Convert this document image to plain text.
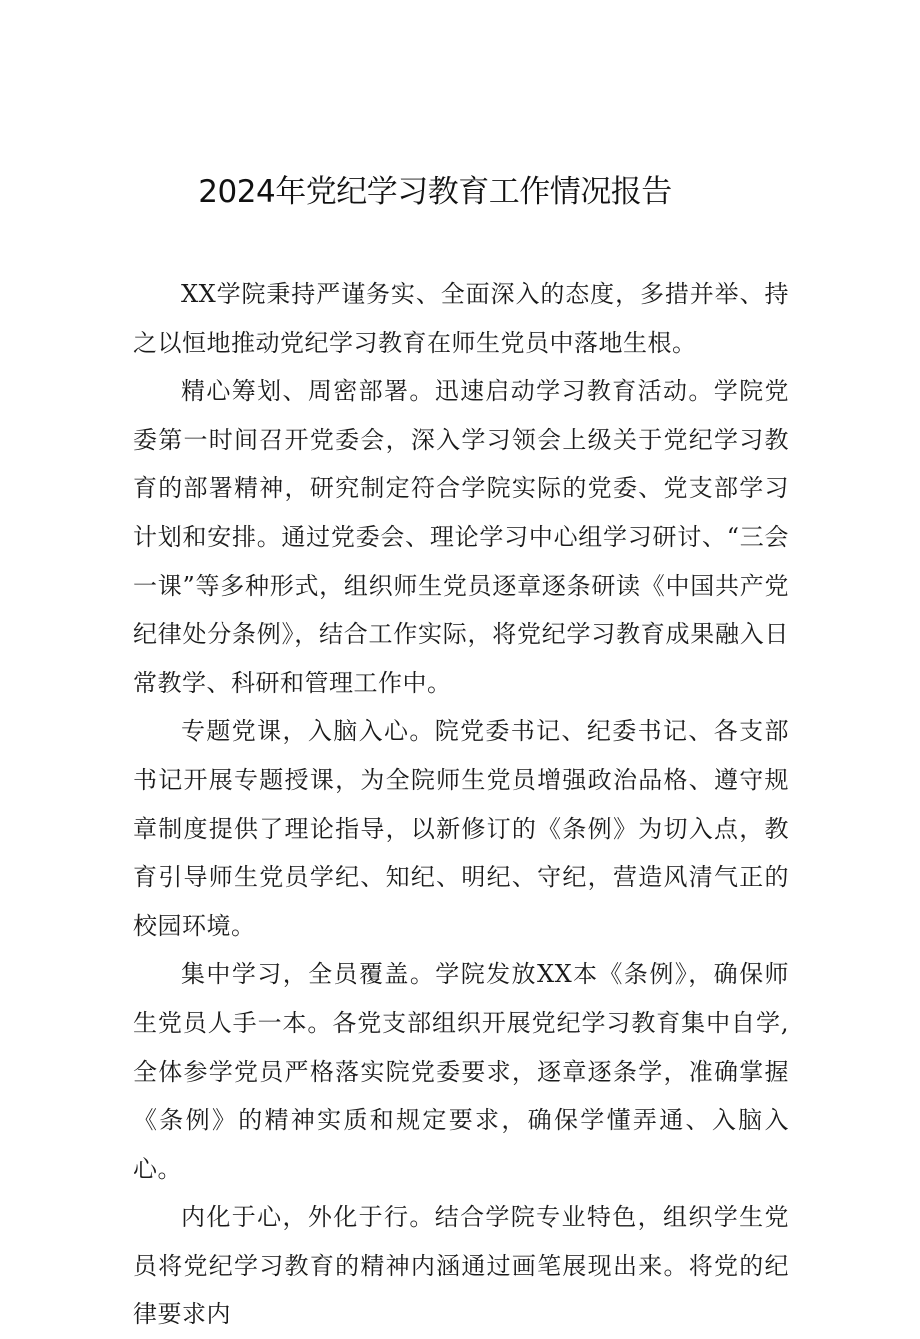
2024年党纪学习教育工作情况报告

XX学院秉持严谨务实、全面深入的态度，多措并举、持之以恒地推动党纪学习教育在师生党员中落地生根。

精心筹划、周密部署。迅速启动学习教育活动。学院党委第一时间召开党委会，深入学习领会上级关于党纪学习教育的部署精神，研究制定符合学院实际的党委、党支部学习计划和安排。通过党委会、理论学习中心组学习研讨、“三会一课”等多种形式，组织师生党员逐章逐条研读《中国共产党纪律处分条例》，结合工作实际，将党纪学习教育成果融入日常教学、科研和管理工作中。

专题党课，入脑入心。院党委书记、纪委书记、各支部书记开展专题授课，为全院师生党员增强政治品格、遵守规章制度提供了理论指导，以新修订的《条例》为切入点，教育引导师生党员学纪、知纪、明纪、守纪，营造风清气正的校园环境。

集中学习，全员覆盖。学院发放XX本《条例》，确保师生党员人手一本。各党支部组织开展党纪学习教育集中自学,全体参学党员严格落实院党委要求，逐章逐条学，准确掌握《条例》的精神实质和规定要求，确保学懂弄通、入脑入心。

内化于心，外化于行。结合学院专业特色，组织学生党员将党纪学习教育的精神内涵通过画笔展现出来。将党的纪律要求内
